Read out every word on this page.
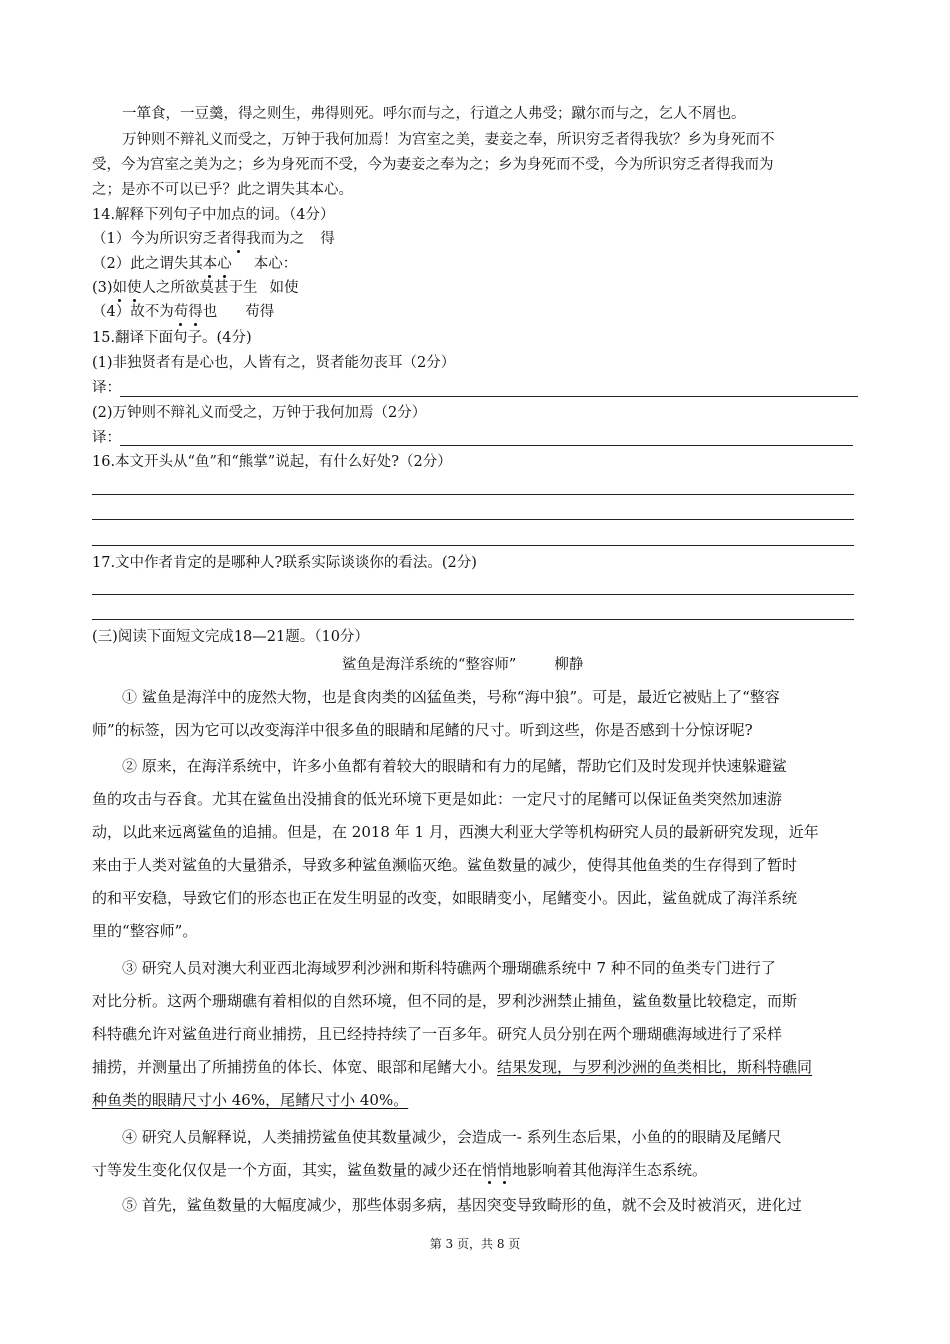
一箪食，一豆羹，得之则生，弗得则死。呼尔而与之，行道之人弗受；蹴尔而与之，乞人不屑也。
万钟则不辩礼义而受之，万钟于我何加焉！为宫室之美，妻妾之奉，所识穷乏者得我欤？乡为身死而不
受，今为宫室之美为之；乡为身死而不受，今为妻妾之奉为之；乡为身死而不受，今为所识穷乏者得我而为
之；是亦不可以已乎？此之谓失其本心。
14.解释下列句子中加点的词。（4分）
（1）今为所识穷乏者得我而为之 得
（2）此之谓失其本心 本心：
(3)如使人之所欲莫甚于生 如使
（4）故不为苟得也 苟得
15.翻译下面句子。(4分)
(1)非独贤者有是心也，人皆有之，贤者能勿丧耳（2分）
译：
(2)万钟则不辩礼义而受之，万钟于我何加焉（2分）
译：
16.本文开头从“鱼”和“熊掌”说起，有什么好处?（2分）
17.文中作者肯定的是哪种人?联系实际谈谈你的看法。(2分)
(三)阅读下面短文完成18—21题。（10分）
鲨鱼是海洋系统的“整容师”	柳静
① 鲨鱼是海洋中的庞然大物，也是食肉类的凶猛鱼类，号称“海中狼”。可是，最近它被贴上了“整容
师”的标签，因为它可以改变海洋中很多鱼的眼睛和尾鳍的尺寸。听到这些，你是否感到十分惊讶呢?
② 原来，在海洋系统中，许多小鱼都有着较大的眼睛和有力的尾鳍，帮助它们及时发现并快速躲避鲨
鱼的攻击与吞食。尤其在鲨鱼出没捕食的低光环境下更是如此：一定尺寸的尾鳍可以保证鱼类突然加速游
动，以此来远离鲨鱼的追捕。但是，在 2018 年 1 月，西澳大利亚大学等机构研究人员的最新研究发现，近年
来由于人类对鲨鱼的大量猎杀，导致多种鲨鱼濒临灭绝。鲨鱼数量的减少，使得其他鱼类的生存得到了暂时
的和平安稳，导致它们的形态也正在发生明显的改变，如眼睛变小，尾鳍变小。因此，鲨鱼就成了海洋系统
里的“整容师”。
③ 研究人员对澳大利亚西北海域罗利沙洲和斯科特礁两个珊瑚礁系统中 7 种不同的鱼类专门进行了
对比分析。这两个珊瑚礁有着相似的自然环境，但不同的是，罗利沙洲禁止捕鱼，鲨鱼数量比较稳定，而斯
科特礁允许对鲨鱼进行商业捕捞，且已经持持续了一百多年。研究人员分别在两个珊瑚礁海域进行了采样
捕捞，并测量出了所捕捞鱼的体长、体宽、眼部和尾鳍大小。结果发现，与罗利沙洲的鱼类相比，斯科特礁同
种鱼类的眼睛尺寸小 46%，尾鳍尺寸小 40%。
④ 研究人员解释说，人类捕捞鲨鱼使其数量减少，会造成一- 系列生态后果，小鱼的的眼睛及尾鳍尺
寸等发生变化仅仅是一个方面，其实，鲨鱼数量的减少还在悄悄地影响着其他海洋生态系统。
⑤ 首先，鲨鱼数量的大幅度减少，那些体弱多病，基因突变导致畸形的鱼，就不会及时被消灭，进化过
第 3 页，共 8 页
